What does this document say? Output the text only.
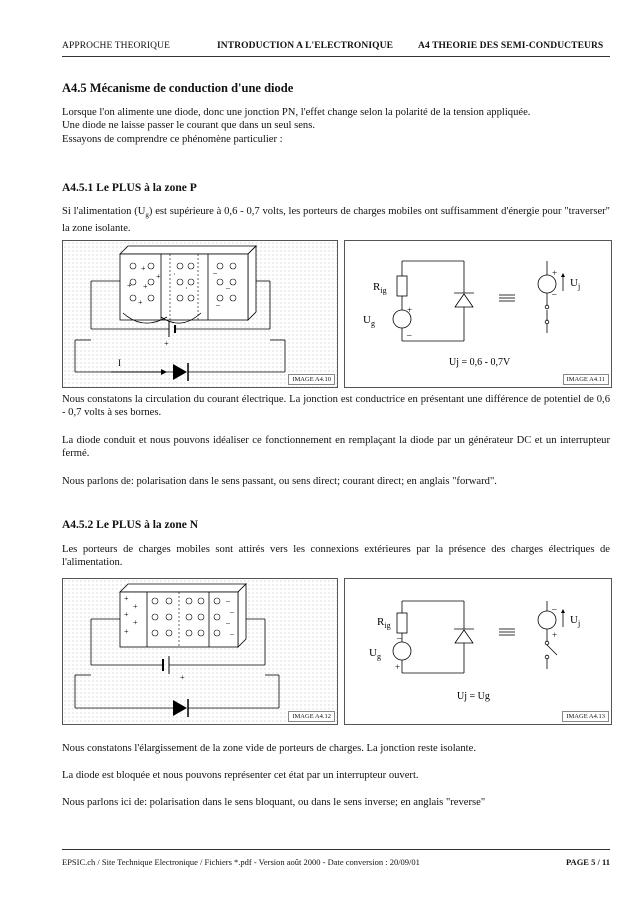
APPROCHE THEORIQUE	INTRODUCTION A L'ELECTRONIQUE	A4 THEORIE DES SEMI-CONDUCTEURS
A4.5 Mécanisme de conduction d'une diode
Lorsque l'on alimente une diode, donc une jonction PN, l'effet change selon la polarité de la tension appliquée.
Une diode ne laisse passer le courant que dans un seul sens.
Essayons de comprendre ce phénomène particulier :
A4.5.1 Le PLUS à la zone P
Si l'alimentation $(U_g)$ est supérieure à 0,6 - 0,7 volts, les porteurs de charges mobiles ont suffisamment d'énergie pour "traverser" la zone isolante.
+
+ +
+
+
·
·
–
–
–
+
I
IMAGE A4.10
$R_{ig}$
$U_g$
$U_j$
+
–
+
–
Uj = 0,6 - 0,7V
IMAGE A4.11
Nous constatons la circulation du courant électrique. La jonction est conductrice en présentant une différence de potentiel de 0,6 - 0,7 volts à ses bornes.
La diode conduit et nous pouvons idéaliser ce fonctionnement en remplaçant la diode par un générateur DC et un interrupteur fermé.
Nous parlons de: polarisation dans le sens passant, ou sens direct; courant direct; en anglais "forward".
A4.5.2 Le PLUS à la zone N
Les porteurs de charges mobiles sont attirés vers les connexions extérieures par la présence des charges électriques de l'alimentation.
+
+
+
+
+
–
–
–
–
+
IMAGE A4.12
$R_{ig}$
$U_g$
$U_j$
–
+
–
+
Uj = Ug
IMAGE A4.13
Nous constatons l'élargissement de la zone vide de porteurs de charges. La jonction reste isolante.
La diode est bloquée et nous pouvons représenter cet état par un interrupteur ouvert.
Nous parlons ici de: polarisation dans le sens bloquant, ou dans le sens inverse; en anglais "reverse"
EPSIC.ch / Site Technique Electronique / Fichiers *.pdf - Version août 2000 - Date conversion : 20/09/01	PAGE 5 / 11
